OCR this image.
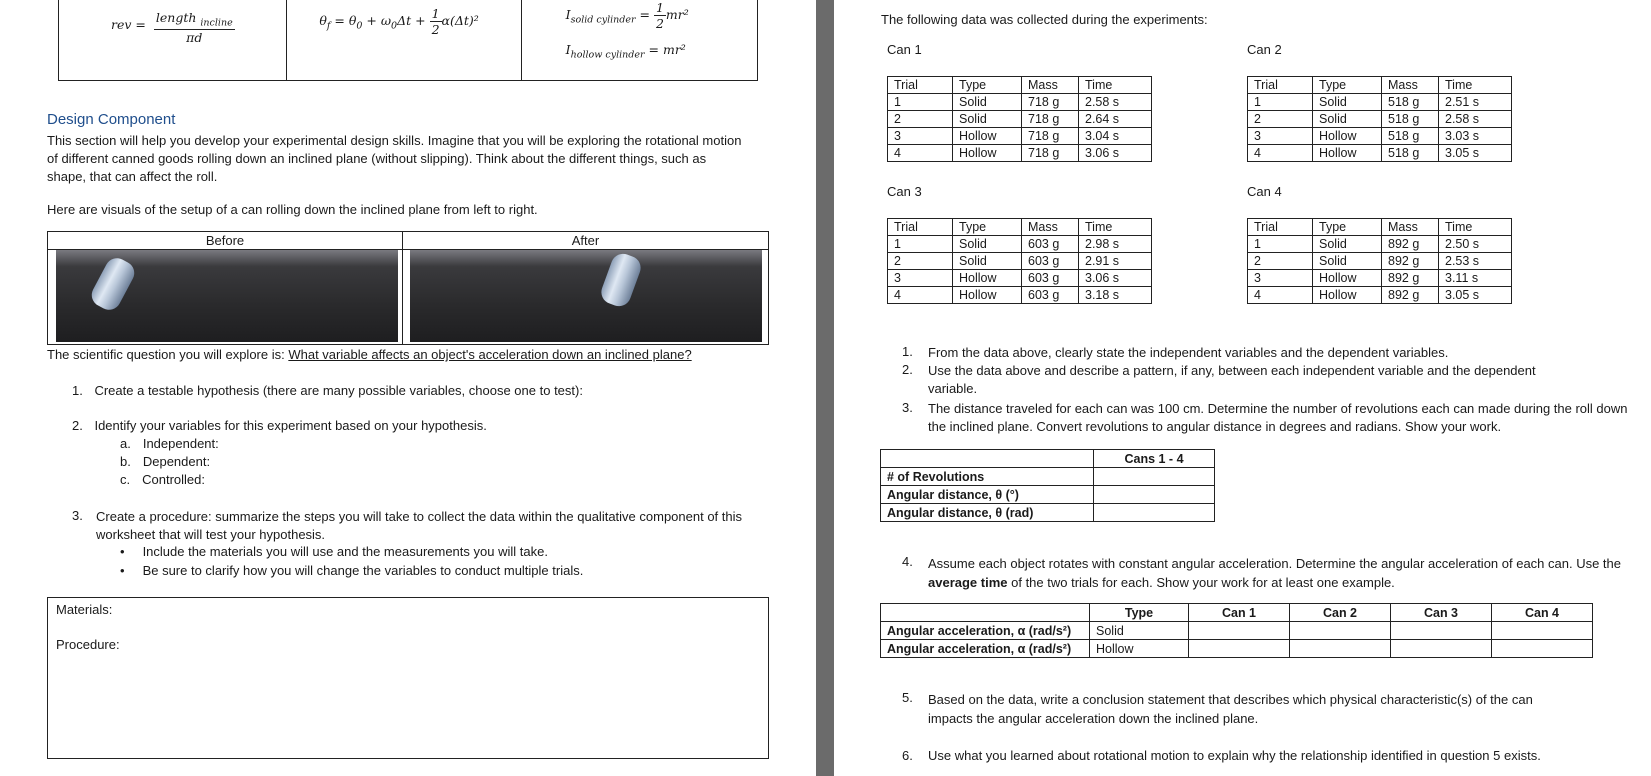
rev = $\frac{length _{incline}}{\pi d}$	$\theta_f = \theta_0 + \omega_0\Delta t + \frac{1}{2} \alpha(\Delta t)^2$	$I_{solid cylinder} = \frac{1}{2} mr^2$
$I_{hollow cylinder} = mr^2$
Design Component
This section will help you develop your experimental design skills. Imagine that you will be exploring the rotational motion of different canned goods rolling down an inclined plane (without slipping). Think about the different things, such as shape, that can affect the roll.
Here are visuals of the setup of a can rolling down the inclined plane from left to right.
Before	After
The scientific question you will explore is: What variable affects an object's acceleration down an inclined plane?
1. Create a testable hypothesis (there are many possible variables, choose one to test):
2. Identify your variables for this experiment based on your hypothesis.
a. Independent:
b. Dependent:
c. Controlled:
3. Create a procedure: summarize the steps you will take to collect the data within the qualitative component of this worksheet that will test your hypothesis.
• Include the materials you will use and the measurements you will take.
• Be sure to clarify how you will change the variables to conduct multiple trials.
Materials:
Procedure:
The following data was collected during the experiments:
Can 1	Can 2
Can 3	Can 4
Trial	Type	Mass	Time
1	Solid	718 g	2.58 s
2	Solid	718 g	2.64 s
3	Hollow	718 g	3.04 s
4	Hollow	718 g	3.06 s
Trial	Type	Mass	Time
1	Solid	518 g	2.51 s
2	Solid	518 g	2.58 s
3	Hollow	518 g	3.03 s
4	Hollow	518 g	3.05 s
Trial	Type	Mass	Time
1	Solid	603 g	2.98 s
2	Solid	603 g	2.91 s
3	Hollow	603 g	3.06 s
4	Hollow	603 g	3.18 s
Trial	Type	Mass	Time
1	Solid	892 g	2.50 s
2	Solid	892 g	2.53 s
3	Hollow	892 g	3.11 s
4	Hollow	892 g	3.05 s
1. From the data above, clearly state the independent variables and the dependent variables.
2. Use the data above and describe a pattern, if any, between each independent variable and the dependent variable.
3. The distance traveled for each can was 100 cm. Determine the number of revolutions each can made during the roll down the inclined plane. Convert revolutions to angular distance in degrees and radians. Show your work.
	Cans 1 - 4
# of Revolutions	
Angular distance, θ (°)	
Angular distance, θ (rad)	
4. Assume each object rotates with constant angular acceleration. Determine the angular acceleration of each can. Use the average time of the two trials for each. Show your work for at least one example.
	Type	Can 1	Can 2	Can 3	Can 4
Angular acceleration, α (rad/s²)	Solid				
Angular acceleration, α (rad/s²)	Hollow				
5. Based on the data, write a conclusion statement that describes which physical characteristic(s) of the can impacts the angular acceleration down the inclined plane.
6. Use what you learned about rotational motion to explain why the relationship identified in question 5 exists.
